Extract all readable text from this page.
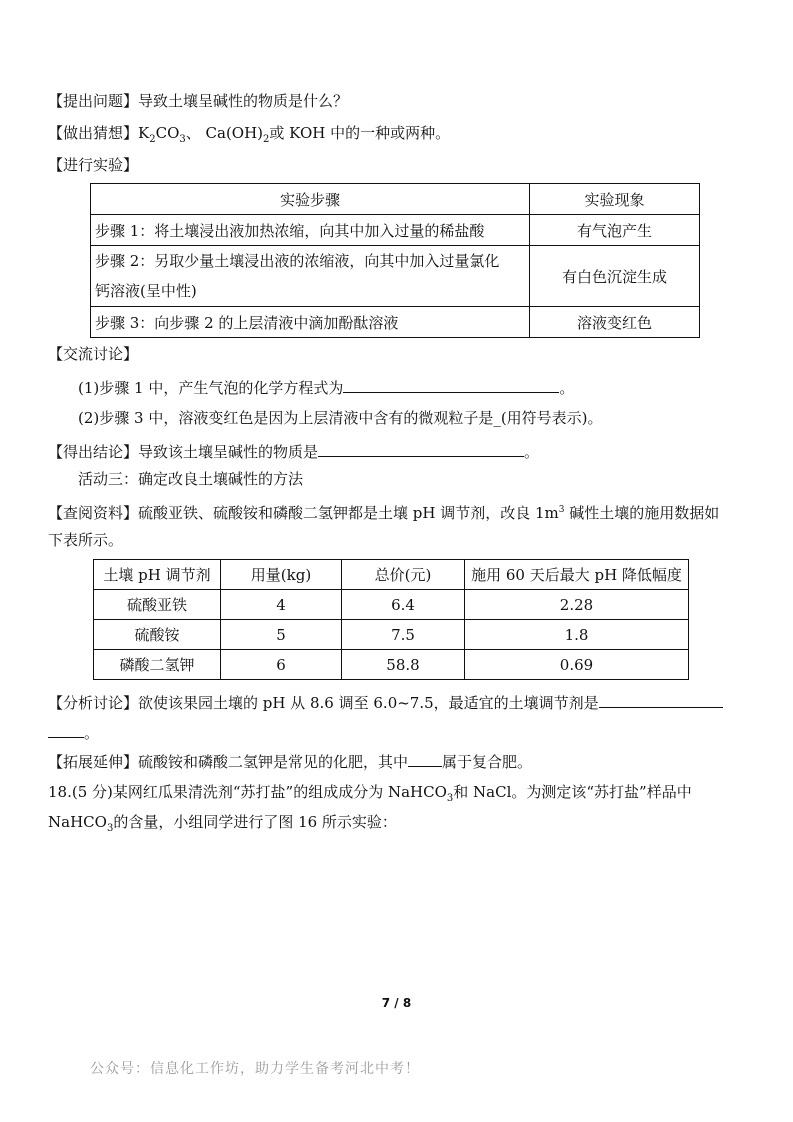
【提出问题】导致土壤呈碱性的物质是什么？
【做出猜想】$K_2CO_3$、 $Ca(OH)_2$或 KOH 中的一种或两种。
【进行实验】
实验步骤	实验现象
步骤 1：将土壤浸出液加热浓缩，向其中加入过量的稀盐酸	有气泡产生

步骤 2：另取少量土壤浸出液的浓缩液，向其中加入过量氯化
钙溶液(呈中性)	有白色沉淀生成
步骤 3：向步骤 2 的上层清液中滴加酚酞溶液	溶液变红色
【交流讨论】
(1)步骤 1 中，产生气泡的化学方程式为	。
(2)步骤 3 中，溶液变红色是因为上层清液中含有的微观粒子是_(用符号表示)。
【得出结论】导致该土壤呈碱性的物质是	。
活动三：确定改良土壤碱性的方法
【查阅资料】硫酸亚铁、硫酸铵和磷酸二氢钾都是土壤 pH 调节剂，改良 $1m^3$ 碱性土壤的施用数据如
下表所示。
土壤 pH 调节剂	用量(kg)	总价(元)	施用 60 天后最大 pH 降低幅度
硫酸亚铁	4	6.4	2.28
硫酸铵	5	7.5	1.8
磷酸二氢钾	6	58.8	0.69
【分析讨论】欲使该果园土壤的 pH 从 8.6 调至 6.0~7.5，最适宜的土壤调节剂是
。
【拓展延伸】硫酸铵和磷酸二氢钾是常见的化肥，其中 属于复合肥。
18.(5 分)某网红瓜果清洗剂“苏打盐”的组成成分为 NaHCO$_3$和 NaCl。为测定该“苏打盐”样品中
NaHCO$_3$的含量，小组同学进行了图 16 所示实验：
7 / 8
公众号：信息化工作坊，助力学生备考河北中考！
